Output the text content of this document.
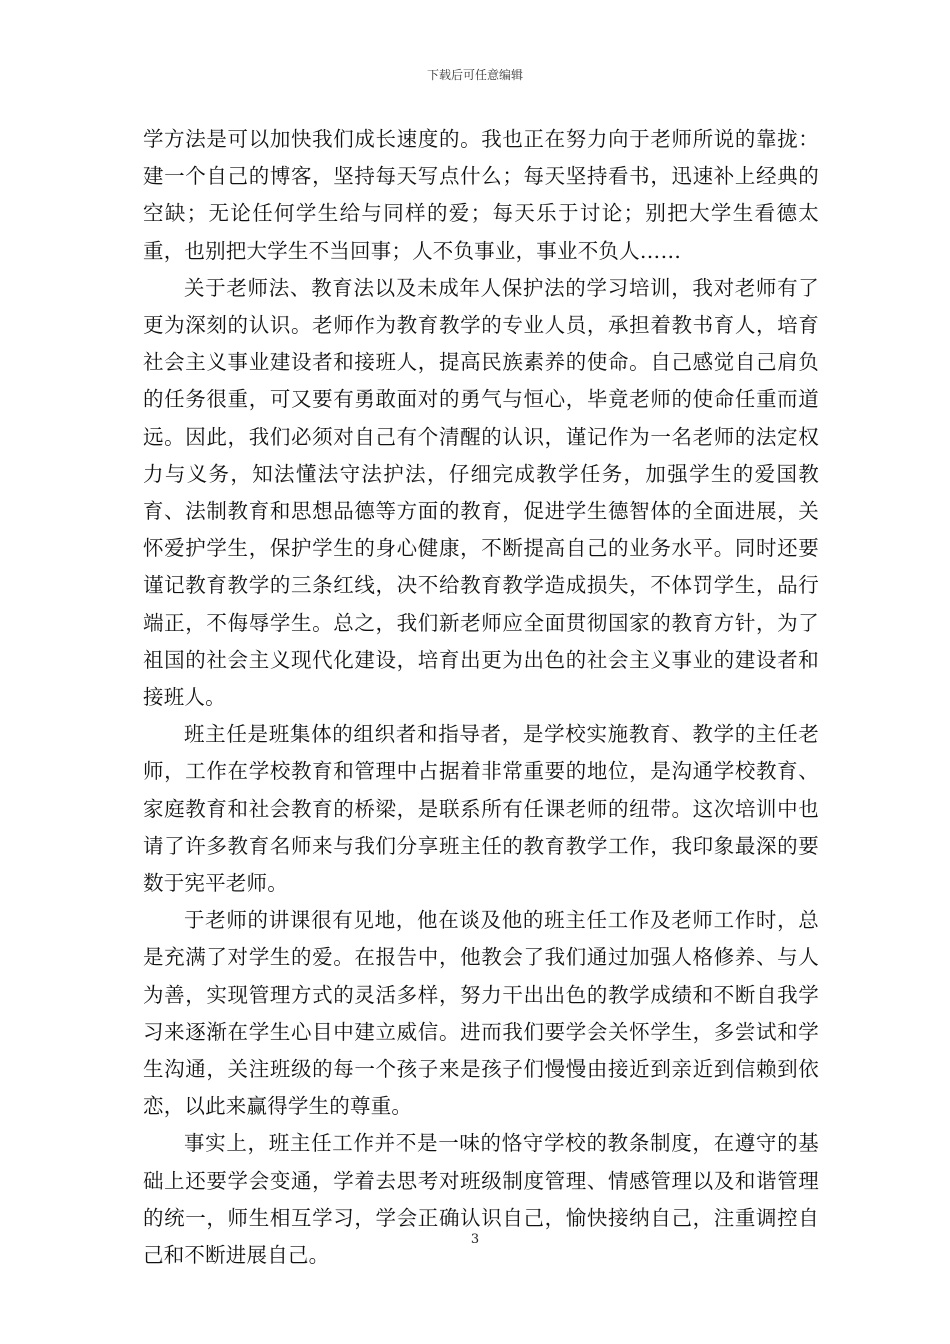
下载后可任意编辑

学方法是可以加快我们成长速度的。我也正在努力向于老师所说的靠拢：建一个自己的博客，坚持每天写点什么；每天坚持看书，迅速补上经典的空缺；无论任何学生给与同样的爱；每天乐于讨论；别把大学生看德太重，也别把大学生不当回事；人不负事业，事业不负人……

关于老师法、教育法以及未成年人保护法的学习培训，我对老师有了更为深刻的认识。老师作为教育教学的专业人员，承担着教书育人，培育社会主义事业建设者和接班人，提高民族素养的使命。自己感觉自己肩负的任务很重，可又要有勇敢面对的勇气与恒心，毕竟老师的使命任重而道远。因此，我们必须对自己有个清醒的认识，谨记作为一名老师的法定权力与义务，知法懂法守法护法，仔细完成教学任务，加强学生的爱国教育、法制教育和思想品德等方面的教育，促进学生德智体的全面进展，关怀爱护学生，保护学生的身心健康，不断提高自己的业务水平。同时还要谨记教育教学的三条红线，决不给教育教学造成损失，不体罚学生，品行端正，不侮辱学生。总之，我们新老师应全面贯彻国家的教育方针，为了祖国的社会主义现代化建设，培育出更为出色的社会主义事业的建设者和接班人。

班主任是班集体的组织者和指导者，是学校实施教育、教学的主任老师，工作在学校教育和管理中占据着非常重要的地位，是沟通学校教育、家庭教育和社会教育的桥梁，是联系所有任课老师的纽带。这次培训中也请了许多教育名师来与我们分享班主任的教育教学工作，我印象最深的要数于宪平老师。

于老师的讲课很有见地，他在谈及他的班主任工作及老师工作时，总是充满了对学生的爱。在报告中，他教会了我们通过加强人格修养、与人为善，实现管理方式的灵活多样，努力干出出色的教学成绩和不断自我学习来逐渐在学生心目中建立威信。进而我们要学会关怀学生，多尝试和学生沟通，关注班级的每一个孩子来是孩子们慢慢由接近到亲近到信赖到依恋，以此来赢得学生的尊重。

事实上，班主任工作并不是一味的恪守学校的教条制度，在遵守的基础上还要学会变通，学着去思考对班级制度管理、情感管理以及和谐管理的统一，师生相互学习，学会正确认识自己，愉快接纳自己，注重调控自己和不断进展自己。

3
